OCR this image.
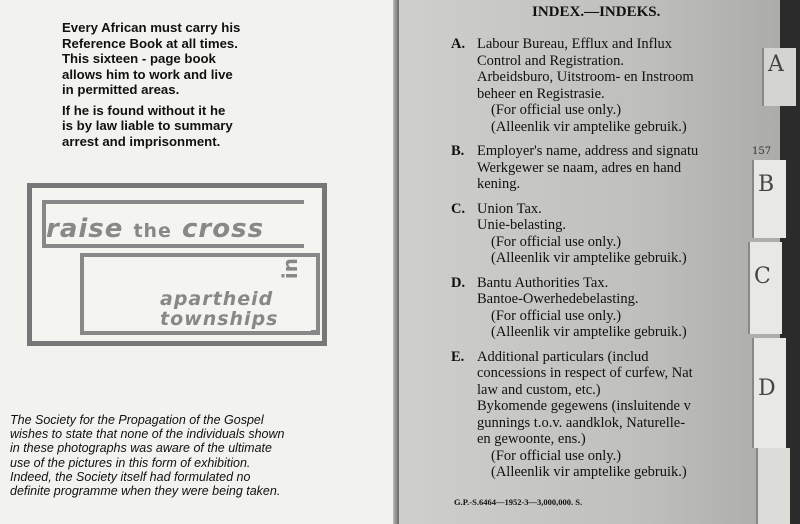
Every African must carry his
Reference Book at all times.
This sixteen - page book
allows him to work and live
in permitted areas.

If he is found without it he
is by law liable to summary
arrest and imprisonment.

raise the cross
in
apartheid
townships
The Society for the Propagation of the Gospel
wishes to state that none of the individuals shown
in these photographs was aware of the ultimate
use of the pictures in this form of exhibition.
Indeed, the Society itself had formulated no
definite programme when they were being taken.
INDEX.—INDEKS.
A. Labour Bureau, Efflux and Influx
Control and Registration.
Arbeidsburo, Uitstroom- en Instroom
beheer en Registrasie.
(For official use only.)
(Alleenlik vir amptelike gebruik.)
B. Employer's name, address and signatu
Werkgewer se naam, adres en hand
kening.
C. Union Tax.
Unie-belasting.
(For official use only.)
(Alleenlik vir amptelike gebruik.)
D. Bantu Authorities Tax.
Bantoe-Owerhedebelasting.
(For official use only.)
(Alleenlik vir amptelike gebruik.)
E. Additional particulars (includ
concessions in respect of curfew, Nat
law and custom, etc.)
Bykomende gegewens (insluitende v
gunnings t.o.v. aandklok, Naturelle-
en gewoonte, ens.)
(For official use only.)
(Alleenlik vir amptelike gebruik.)
G.P.-S.6464—1952-3—3,000,000. S.
A
157
B
C
D
